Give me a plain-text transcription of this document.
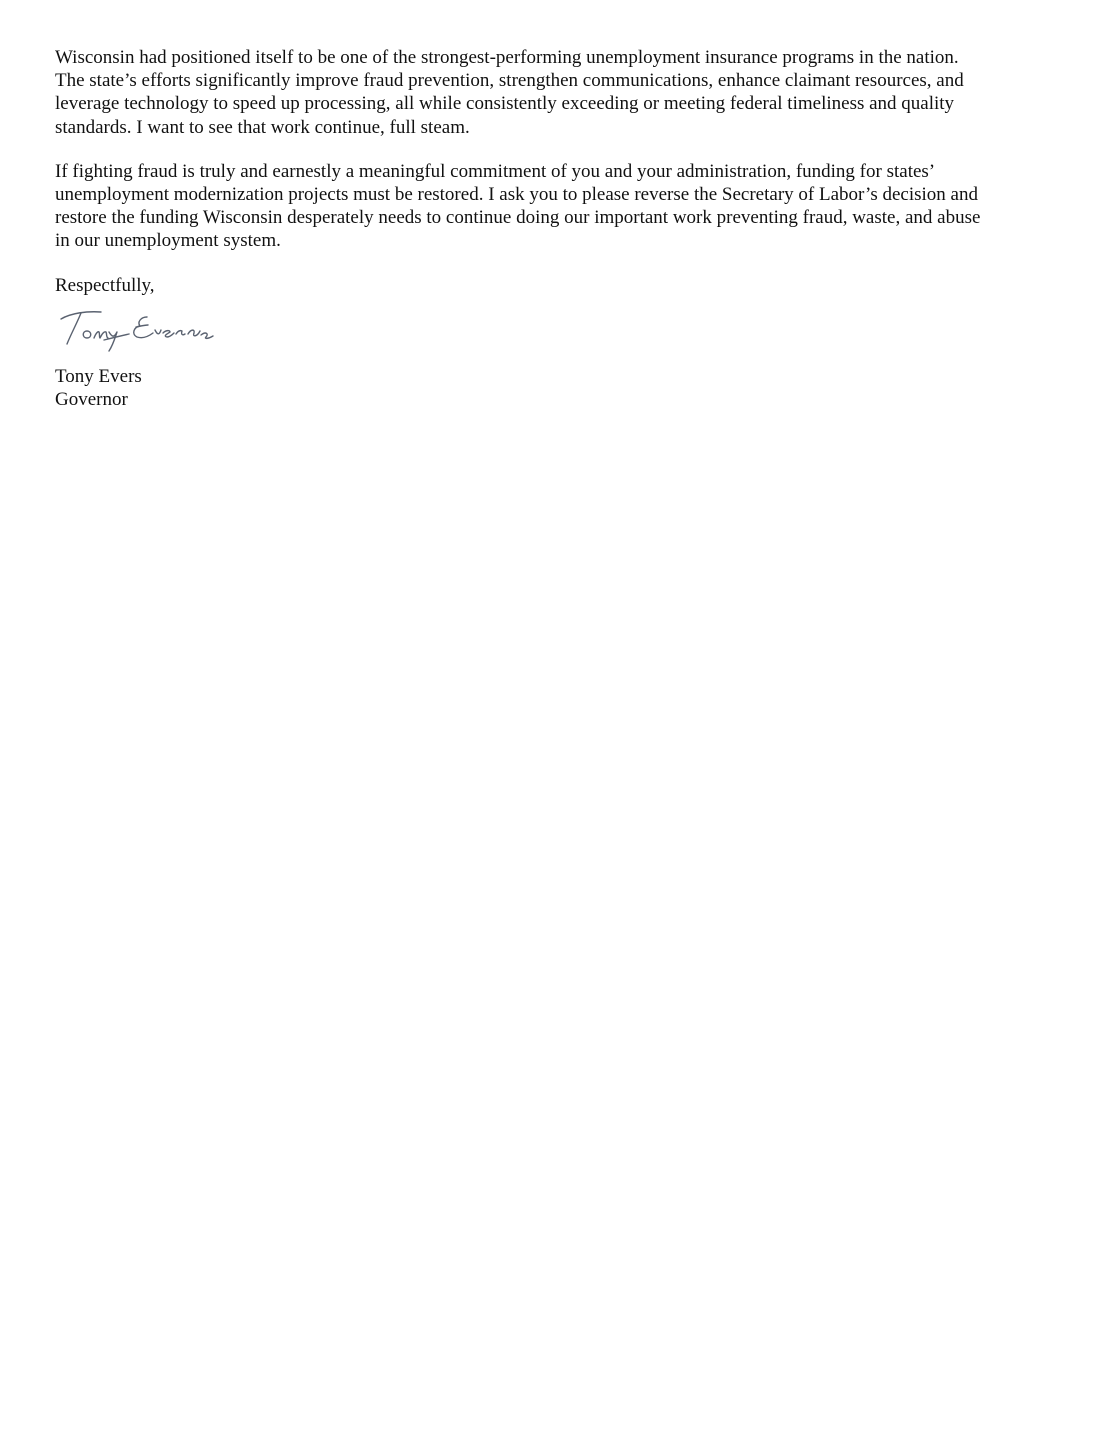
Wisconsin had positioned itself to be one of the strongest-performing unemployment insurance programs in the nation.
The state’s efforts significantly improve fraud prevention, strengthen communications, enhance claimant resources, and
leverage technology to speed up processing, all while consistently exceeding or meeting federal timeliness and quality
standards. I want to see that work continue, full steam.
If fighting fraud is truly and earnestly a meaningful commitment of you and your administration, funding for states’
unemployment modernization projects must be restored. I ask you to please reverse the Secretary of Labor’s decision and
restore the funding Wisconsin desperately needs to continue doing our important work preventing fraud, waste, and abuse
in our unemployment system.

Respectfully,

Tony Evers
Governor
